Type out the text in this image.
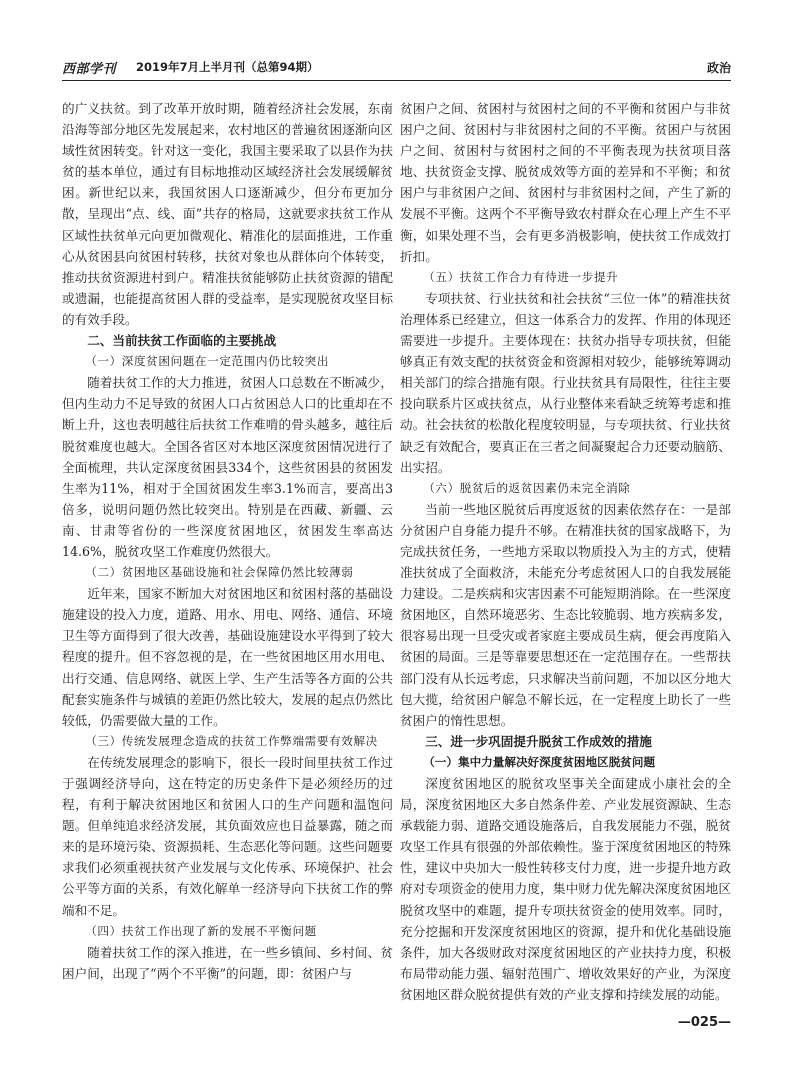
西部学刊 2019年7月上半月刊（总第94期）	政治

的广义扶贫。到了改革开放时期，随着经济社会发展，东南沿海等部分地区先发展起来，农村地区的普遍贫困逐渐向区域性贫困转变。针对这一变化，我国主要采取了以县作为扶贫的基本单位，通过有目标地推动区域经济社会发展缓解贫困。新世纪以来，我国贫困人口逐渐减少，但分布更加分散，呈现出“点、线、面”共存的格局，这就要求扶贫工作从区域性扶贫单元向更加微观化、精准化的层面推进，工作重心从贫困县向贫困村转移，扶贫对象也从群体向个体转变，推动扶贫资源进村到户。精准扶贫能够防止扶贫资源的错配或遗漏，也能提高贫困人群的受益率，是实现脱贫攻坚目标的有效手段。

二、当前扶贫工作面临的主要挑战
（一）深度贫困问题在一定范围内仍比较突出

随着扶贫工作的大力推进，贫困人口总数在不断减少，但内生动力不足导致的贫困人口占贫困总人口的比重却在不断上升，这也表明越往后扶贫工作难啃的骨头越多，越往后脱贫难度也越大。全国各省区对本地区深度贫困情况进行了全面梳理，共认定深度贫困县334个，这些贫困县的贫困发生率为11%，相对于全国贫困发生率3.1%而言，要高出3倍多，说明问题仍然比较突出。特别是在西藏、新疆、云南、甘肃等省份的一些深度贫困地区，贫困发生率高达14.6%，脱贫攻坚工作难度仍然很大。

（二）贫困地区基础设施和社会保障仍然比较薄弱

近年来，国家不断加大对贫困地区和贫困村落的基础设施建设的投入力度，道路、用水、用电、网络、通信、环境卫生等方面得到了很大改善，基础设施建设水平得到了较大程度的提升。但不容忽视的是，在一些贫困地区用水用电、出行交通、信息网络、就医上学、生产生活等各方面的公共配套实施条件与城镇的差距仍然比较大，发展的起点仍然比较低，仍需要做大量的工作。

（三）传统发展理念造成的扶贫工作弊端需要有效解决

在传统发展理念的影响下，很长一段时间里扶贫工作过于强调经济导向，这在特定的历史条件下是必须经历的过程，有利于解决贫困地区和贫困人口的生产问题和温饱问题。但单纯追求经济发展，其负面效应也日益暴露，随之而来的是环境污染、资源损耗、生态恶化等问题。这些问题要求我们必须重视扶贫产业发展与文化传承、环境保护、社会公平等方面的关系，有效化解单一经济导向下扶贫工作的弊端和不足。

（四）扶贫工作出现了新的发展不平衡问题

随着扶贫工作的深入推进，在一些乡镇间、乡村间、贫困户间，出现了“两个不平衡”的问题，即：贫困户与

贫困户之间、贫困村与贫困村之间的不平衡和贫困户与非贫困户之间、贫困村与非贫困村之间的不平衡。贫困户与贫困户之间、贫困村与贫困村之间的不平衡表现为扶贫项目落地、扶贫资金支撑、脱贫成效等方面的差异和不平衡；和贫困户与非贫困户之间、贫困村与非贫困村之间，产生了新的发展不平衡。这两个不平衡导致农村群众在心理上产生不平衡，如果处理不当，会有更多消极影响，使扶贫工作成效打折扣。

（五）扶贫工作合力有待进一步提升

专项扶贫、行业扶贫和社会扶贫“三位一体”的精准扶贫治理体系已经建立，但这一体系合力的发挥、作用的体现还需要进一步提升。主要体现在：扶贫办指导专项扶贫，但能够真正有效支配的扶贫资金和资源相对较少，能够统筹调动相关部门的综合措施有限。行业扶贫具有局限性，往往主要投向联系片区或扶贫点，从行业整体来看缺乏统筹考虑和推动。社会扶贫的松散化程度较明显，与专项扶贫、行业扶贫缺乏有效配合，要真正在三者之间凝聚起合力还要动脑筋、出实招。

（六）脱贫后的返贫因素仍未完全消除

当前一些地区脱贫后再度返贫的因素依然存在：一是部分贫困户自身能力提升不够。在精准扶贫的国家战略下，为完成扶贫任务，一些地方采取以物质投入为主的方式，使精准扶贫成了全面救济，未能充分考虑贫困人口的自我发展能力建设。二是疾病和灾害因素不可能短期消除。在一些深度贫困地区，自然环境恶劣、生态比较脆弱、地方疾病多发，很容易出现一旦受灾或者家庭主要成员生病，便会再度陷入贫困的局面。三是等靠要思想还在一定范围存在。一些帮扶部门没有从长远考虑，只求解决当前问题，不加以区分地大包大揽，给贫困户解急不解长远，在一定程度上助长了一些贫困户的惰性思想。

三、进一步巩固提升脱贫工作成效的措施
（一）集中力量解决好深度贫困地区脱贫问题

深度贫困地区的脱贫攻坚事关全面建成小康社会的全局，深度贫困地区大多自然条件差、产业发展资源缺、生态承载能力弱、道路交通设施落后，自我发展能力不强，脱贫攻坚工作具有很强的外部依赖性。鉴于深度贫困地区的特殊性，建议中央加大一般性转移支付力度，进一步提升地方政府对专项资金的使用力度，集中财力优先解决深度贫困地区脱贫攻坚中的难题，提升专项扶贫资金的使用效率。同时，充分挖掘和开发深度贫困地区的资源，提升和优化基础设施条件，加大各级财政对深度贫困地区的产业扶持力度，积极布局带动能力强、辐射范围广、增收效果好的产业，为深度贫困地区群众脱贫提供有效的产业支撑和持续发展的动能。

—025—
